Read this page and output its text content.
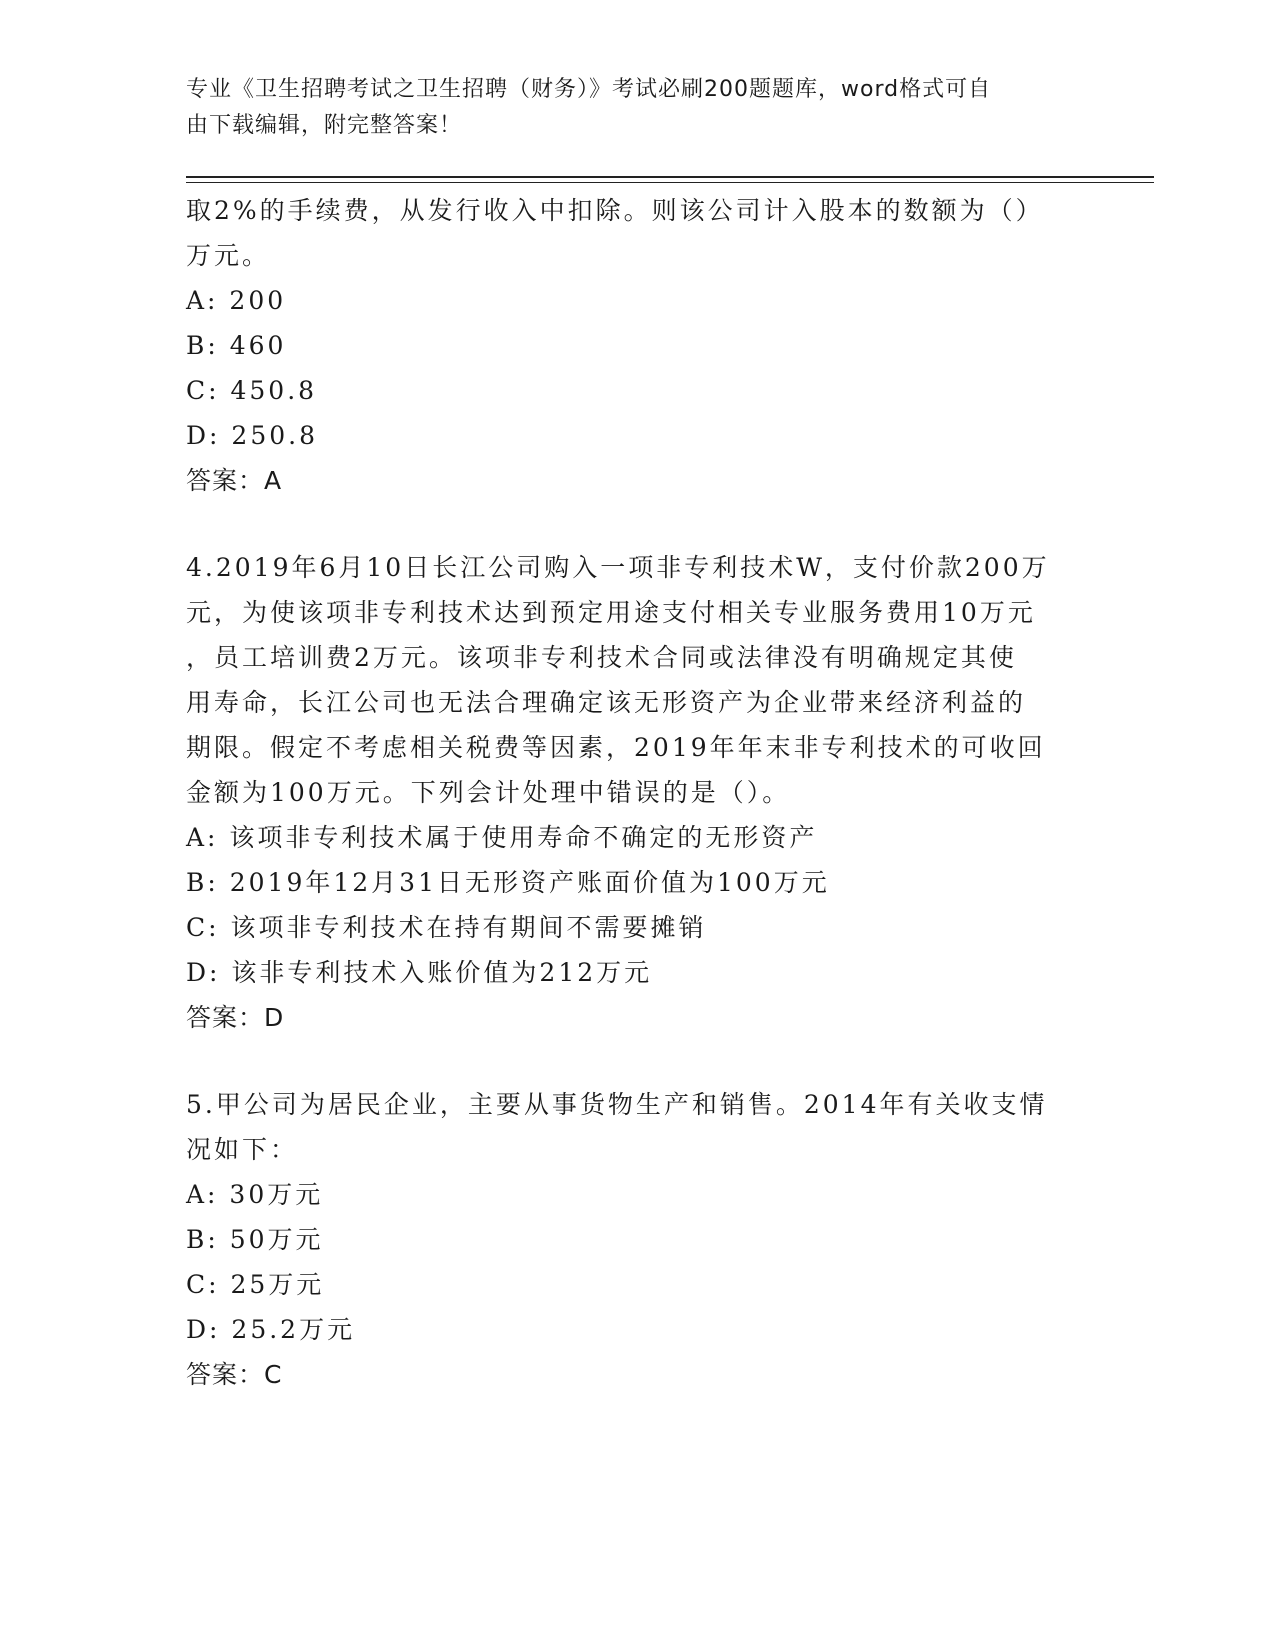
专业《卫生招聘考试之卫生招聘（财务）》考试必刷200题题库，word格式可自
由下载编辑，附完整答案！
取2%的手续费，从发行收入中扣除。则该公司计入股本的数额为（）
万元。
A: 200
B: 460
C: 450.8
D: 250.8
答案：A
4.2019年6月10日长江公司购入一项非专利技术W，支付价款200万
元，为使该项非专利技术达到预定用途支付相关专业服务费用10万元
，员工培训费2万元。该项非专利技术合同或法律没有明确规定其使
用寿命，长江公司也无法合理确定该无形资产为企业带来经济利益的
期限。假定不考虑相关税费等因素，2019年年末非专利技术的可收回
金额为100万元。下列会计处理中错误的是（）。
A: 该项非专利技术属于使用寿命不确定的无形资产
B: 2019年12月31日无形资产账面价值为100万元
C: 该项非专利技术在持有期间不需要摊销
D: 该非专利技术入账价值为212万元
答案：D
5.甲公司为居民企业，主要从事货物生产和销售。2014年有关收支情
况如下：
A: 30万元
B: 50万元
C: 25万元
D: 25.2万元
答案：C
